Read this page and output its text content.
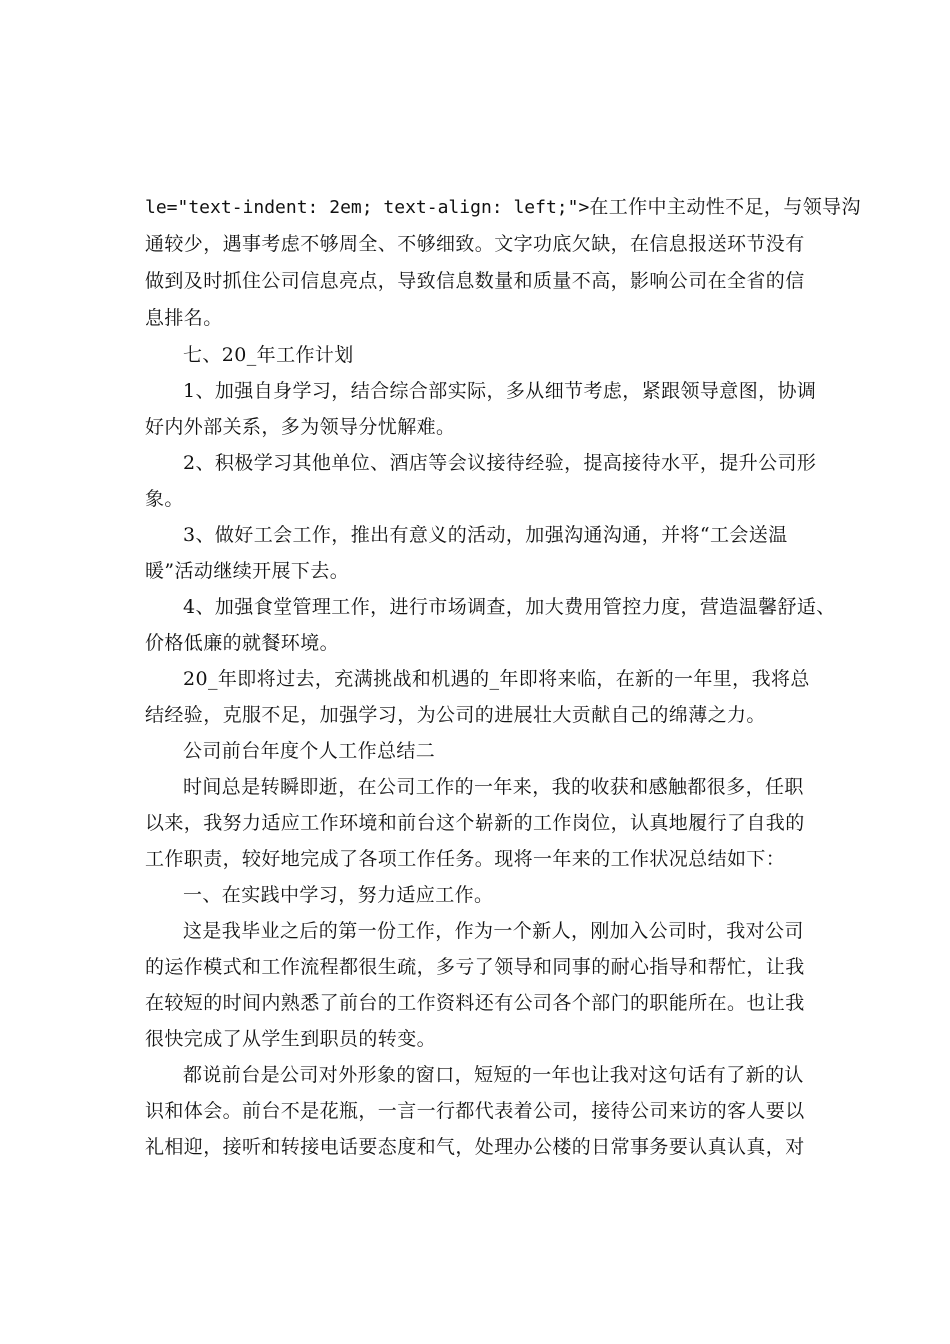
le="text-indent: 2em; text-align: left;">在工作中主动性不足，与领导沟
通较少，遇事考虑不够周全、不够细致。文字功底欠缺，在信息报送环节没有
做到及时抓住公司信息亮点，导致信息数量和质量不高，影响公司在全省的信
息排名。
七、20_年工作计划
1、加强自身学习，结合综合部实际，多从细节考虑，紧跟领导意图，协调
好内外部关系，多为领导分忧解难。
2、积极学习其他单位、酒店等会议接待经验，提高接待水平，提升公司形
象。
3、做好工会工作，推出有意义的活动，加强沟通沟通，并将“工会送温
暖”活动继续开展下去。
4、加强食堂管理工作，进行市场调查，加大费用管控力度，营造温馨舒适、
价格低廉的就餐环境。
20_年即将过去，充满挑战和机遇的_年即将来临，在新的一年里，我将总
结经验，克服不足，加强学习，为公司的进展壮大贡献自己的绵薄之力。
公司前台年度个人工作总结二
时间总是转瞬即逝，在公司工作的一年来，我的收获和感触都很多，任职
以来，我努力适应工作环境和前台这个崭新的工作岗位，认真地履行了自我的
工作职责，较好地完成了各项工作任务。现将一年来的工作状况总结如下：
一、在实践中学习，努力适应工作。
这是我毕业之后的第一份工作，作为一个新人，刚加入公司时，我对公司
的运作模式和工作流程都很生疏，多亏了领导和同事的耐心指导和帮忙，让我
在较短的时间内熟悉了前台的工作资料还有公司各个部门的职能所在。也让我
很快完成了从学生到职员的转变。
都说前台是公司对外形象的窗口，短短的一年也让我对这句话有了新的认
识和体会。前台不是花瓶，一言一行都代表着公司，接待公司来访的客人要以
礼相迎，接听和转接电话要态度和气，处理办公楼的日常事务要认真认真，对
